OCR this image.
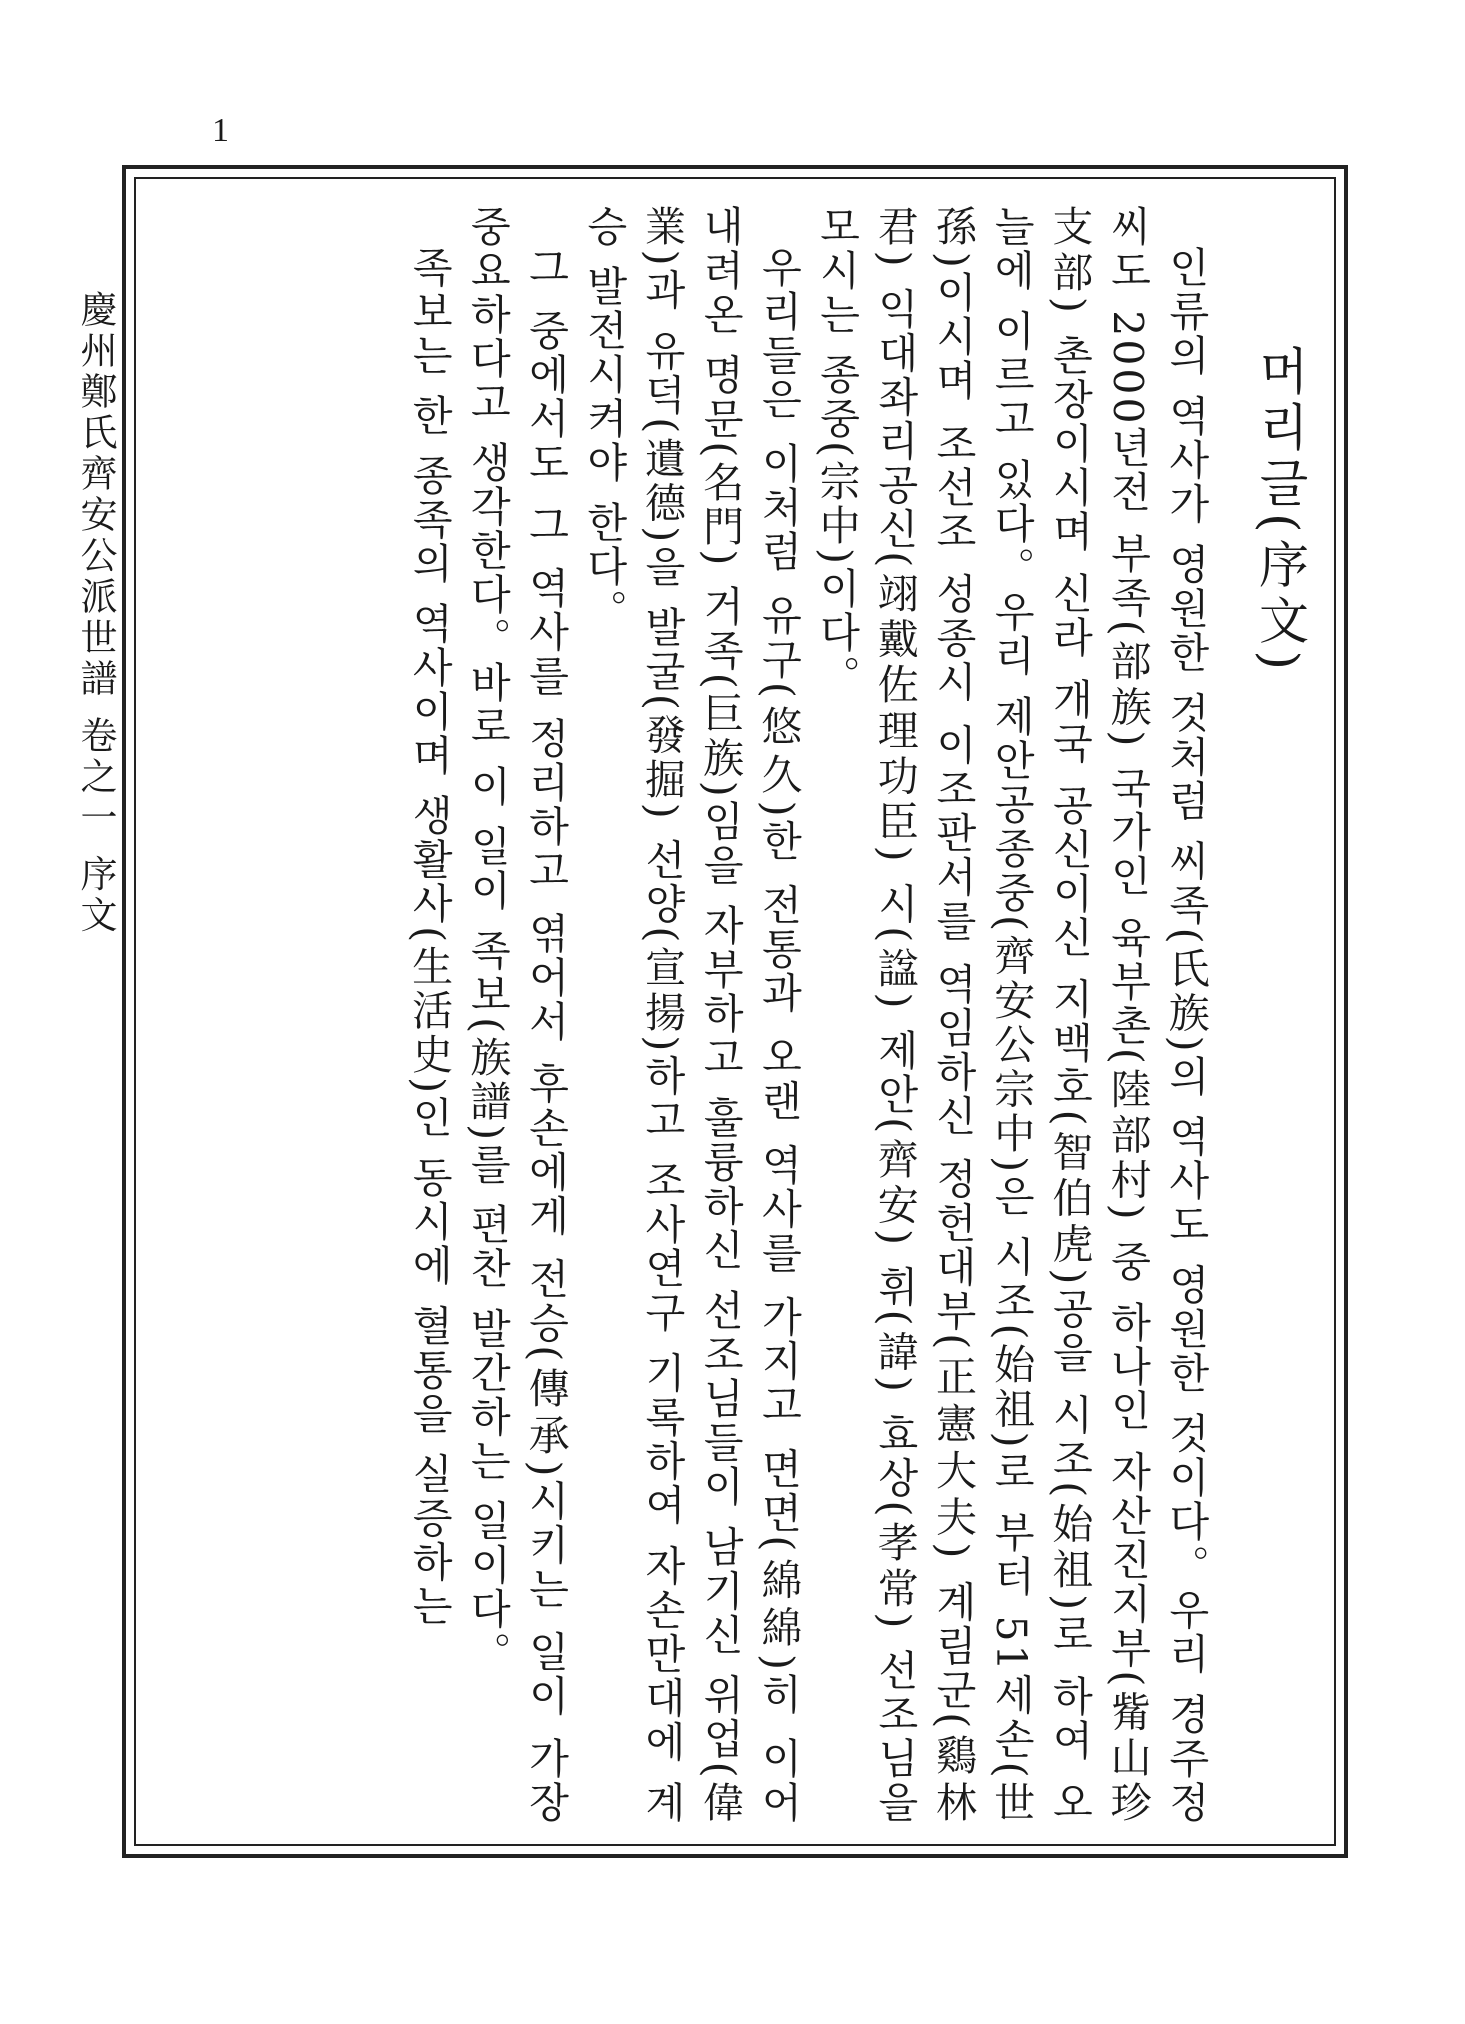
1

머리글(序文)

인류의 역사가 영원한 것처럼 씨족(氏族)의 역사도 영원한 것이다。우리 경주정씨도 2000년전 부족(部族) 국가인 육부촌(陸部村) 중 하나인 자산진지부(觜山珍支部) 촌장이시며 신라 개국 공신이신 지백호(智伯虎)공을 시조(始祖)로 하여 오늘에 이르고 있다。우리 제안공종중(齊安公宗中)은 시조(始祖)로 부터 51세손(世孫)이시며 조선조 성종시 이조판서를 역임하신 정헌대부(正憲大夫) 계림군(鷄林君) 익대좌리공신(翊戴佐理功臣) 시(諡) 제안(齊安) 휘(諱) 효상(孝常) 선조님을 모시는 종중(宗中)이다。

우리들은 이처럼 유구(悠久)한 전통과 오랜 역사를 가지고 면면(綿綿)히 이어 내려온 명문(名門) 거족(巨族)임을 자부하고 훌륭하신 선조님들이 남기신 위업(偉業)과 유덕(遺德)을 발굴(發掘) 선양(宣揚)하고 조사연구 기록하여 자손만대에 계승 발전시켜야 한다。

그 중에서도 그 역사를 정리하고 엮어서 후손에게 전승(傳承)시키는 일이 가장 중요하다고 생각한다。바로 이 일이 족보(族譜)를 편찬 발간하는 일이다。

족보는 한 종족의 역사이며 생활사(生活史)인 동시에 혈통을 실증하는

慶州鄭氏齊安公派世譜 卷之一 序文
